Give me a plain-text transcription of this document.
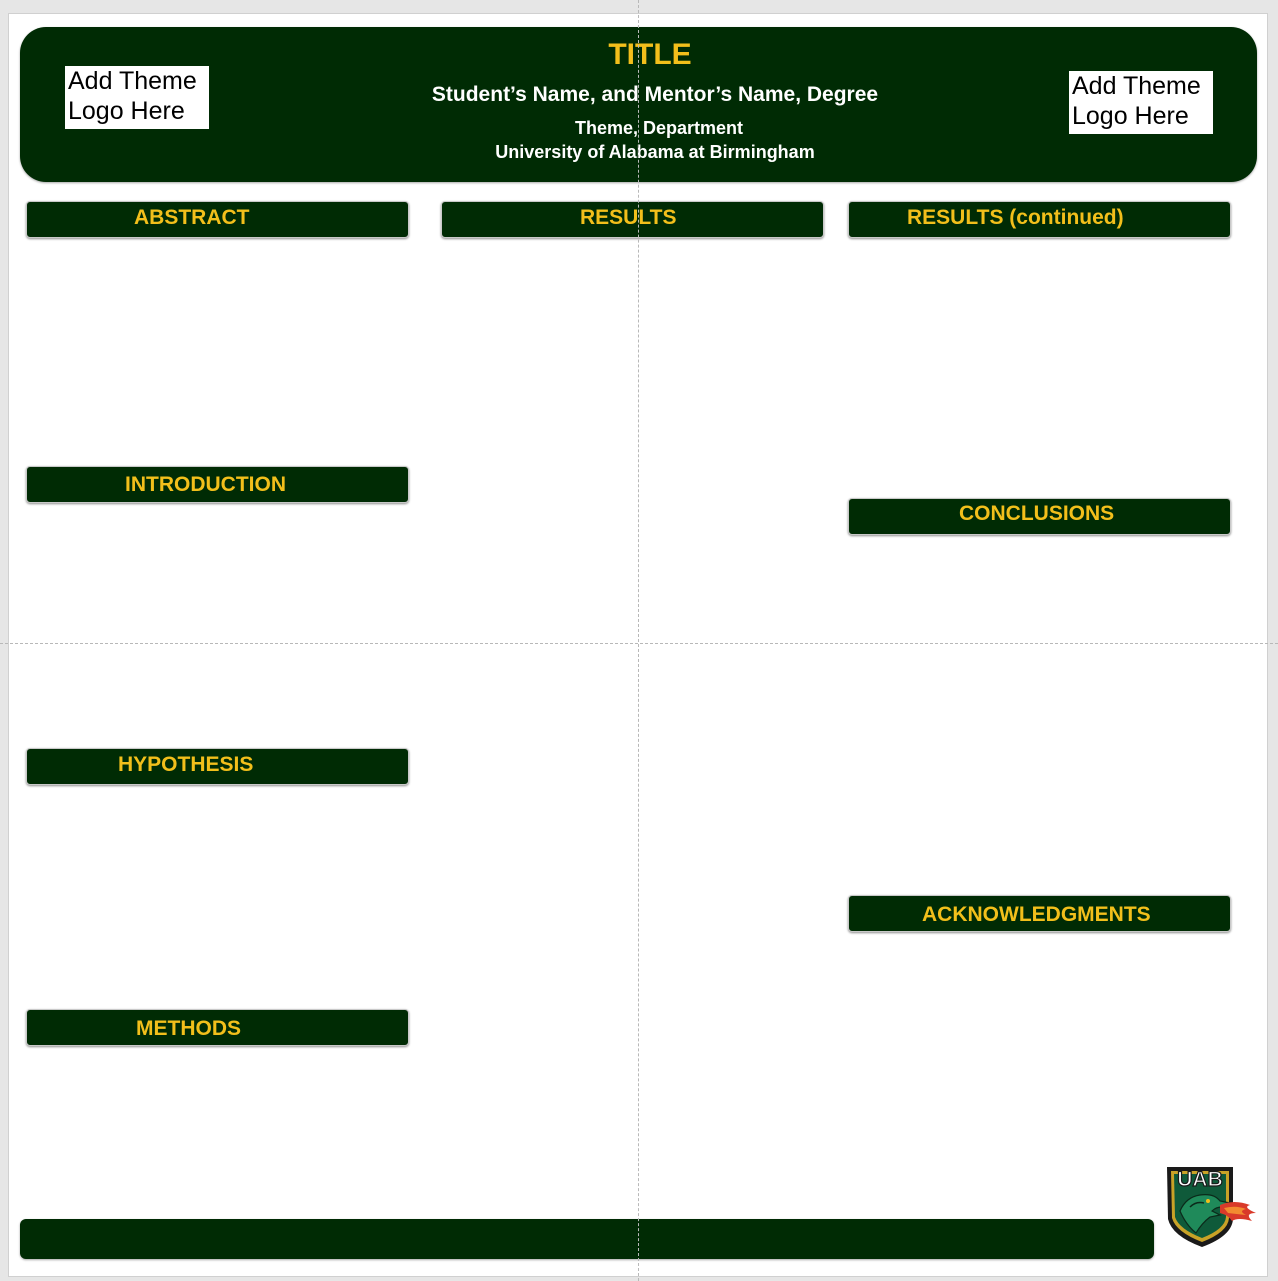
TITLE
Student’s Name, and Mentor’s Name, Degree
Theme, Department
University of Alabama at Birmingham
Add Theme
Logo Here
Add Theme
Logo Here
ABSTRACT
INTRODUCTION
HYPOTHESIS
METHODS
RESULTS	RESULTS (continued)
CONCLUSIONS
ACKNOWLEDGMENTS
UAB
